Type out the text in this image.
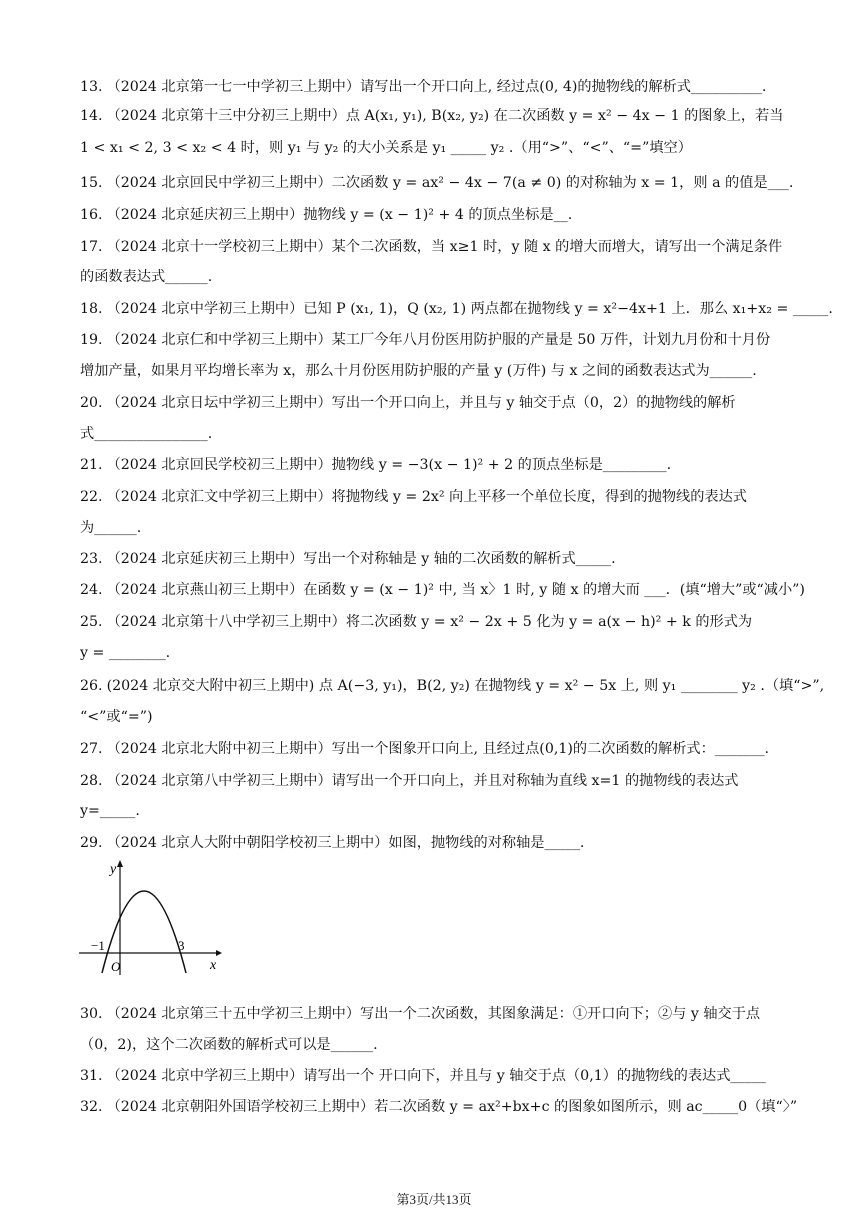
13. （2024 北京第一七一中学初三上期中）请写出一个开口向上, 经过点(0, 4)的抛物线的解析式__________.
14. （2024 北京第十三中分初三上期中）点 A(x₁, y₁), B(x₂, y₂) 在二次函数 y = x² − 4x − 1 的图象上，若当
1 < x₁ < 2, 3 < x₂ < 4 时，则 y₁ 与 y₂ 的大小关系是 y₁ _____ y₂ .（用“>”、“<”、“=”填空）
15. （2024 北京回民中学初三上期中）二次函数 y = ax² − 4x − 7(a ≠ 0) 的对称轴为 x = 1，则 a 的值是___.
16. （2024 北京延庆初三上期中）抛物线 y = (x − 1)² + 4 的顶点坐标是__.
17. （2024 北京十一学校初三上期中）某个二次函数，当 x≥1 时，y 随 x 的增大而增大，请写出一个满足条件
的函数表达式______.
18. （2024 北京中学初三上期中）已知 P (x₁, 1)，Q (x₂, 1) 两点都在抛物线 y = x²−4x+1 上．那么 x₁+x₂ = _____.
19. （2024 北京仁和中学初三上期中）某工厂今年八月份医用防护服的产量是 50 万件，计划九月份和十月份
增加产量，如果月平均增长率为 x，那么十月份医用防护服的产量 y (万件) 与 x 之间的函数表达式为______.
20. （2024 北京日坛中学初三上期中）写出一个开口向上，并且与 y 轴交于点（0，2）的抛物线的解析
式________________.
21. （2024 北京回民学校初三上期中）抛物线 y = −3(x − 1)² + 2 的顶点坐标是_________.
22. （2024 北京汇文中学初三上期中）将抛物线 y = 2x² 向上平移一个单位长度，得到的抛物线的表达式
为______.
23. （2024 北京延庆初三上期中）写出一个对称轴是 y 轴的二次函数的解析式_____.
24. （2024 北京燕山初三上期中）在函数 y = (x − 1)² 中, 当 x〉1 时, y 随 x 的增大而 ___．(填“增大”或“减小”)
25. （2024 北京第十八中学初三上期中）将二次函数 y = x² − 2x + 5 化为 y = a(x − h)² + k 的形式为
y = ________.
26. (2024 北京交大附中初三上期中) 点 A(−3, y₁)，B(2, y₂) 在抛物线 y = x² − 5x 上, 则 y₁ ________ y₂ .（填“>”,
“<”或“=”)
27. （2024 北京北大附中初三上期中）写出一个图象开口向上, 且经过点(0,1)的二次函数的解析式：_______.
28. （2024 北京第八中学初三上期中）请写出一个开口向上，并且对称轴为直线 x=1 的抛物线的表达式
y=_____.
29. （2024 北京人大附中朝阳学校初三上期中）如图，抛物线的对称轴是_____.
30. （2024 北京第三十五中学初三上期中）写出一个二次函数，其图象满足：①开口向下；②与 y 轴交于点
（0，2)，这个二次函数的解析式可以是______.
31. （2024 北京中学初三上期中）请写出一个 开口向下，并且与 y 轴交于点（0,1）的抛物线的表达式_____
32. （2024 北京朝阳外国语学校初三上期中）若二次函数 y = ax²+bx+c 的图象如图所示，则 ac_____0（填“〉”
y
x
O
−1	3
第3页/共13页
